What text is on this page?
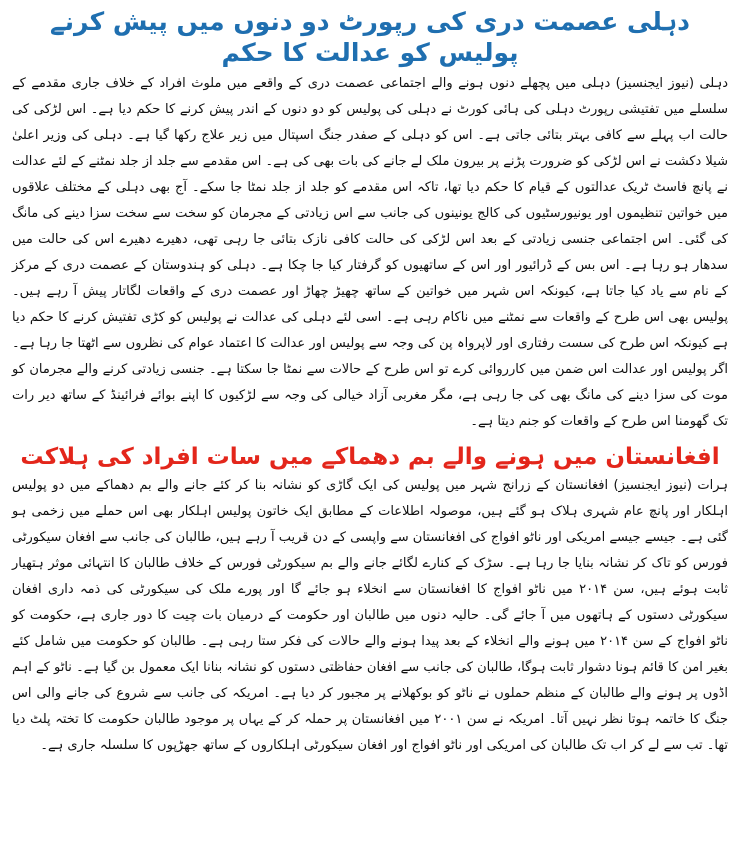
دہلی عصمت دری کی رپورٹ دو دنوں میں پیش کرنے پولیس کو عدالت کا حکم

دہلی (نیوز ایجنسیز) دہلی میں پچھلے دنوں ہونے والے اجتماعی عصمت دری کے واقعے میں ملوث افراد کے خلاف جاری مقدمے کے سلسلے میں تفتیشی رپورٹ دہلی کی ہائی کورٹ نے دہلی کی پولیس کو دو دنوں کے اندر پیش کرنے کا حکم دیا ہے۔ اس لڑکی کی حالت اب پہلے سے کافی بہتر بتائی جاتی ہے۔ اس کو دہلی کے صفدر جنگ اسپتال میں زیر علاج رکھا گیا ہے۔ دہلی کی وزیر اعلیٰ شیلا دکشت نے اس لڑکی کو ضرورت پڑنے پر بیرون ملک لے جانے کی بات بھی کی ہے۔ اس مقدمے سے جلد از جلد نمٹنے کے لئے عدالت نے پانچ فاسٹ ٹریک عدالتوں کے قیام کا حکم دیا تھا، تاکہ اس مقدمے کو جلد از جلد نمٹا جا سکے۔ آج بھی دہلی کے مختلف علاقوں میں خواتین تنظیموں اور یونیورسٹیوں کی کالج یونینوں کی جانب سے اس زیادتی کے مجرمان کو سخت سے سخت سزا دینے کی مانگ کی گئی۔ اس اجتماعی جنسی زیادتی کے بعد اس لڑکی کی حالت کافی نازک بتائی جا رہی تھی، دھیرے دھیرے اس کی حالت میں سدھار ہو رہا ہے۔ اس بس کے ڈرائیور اور اس کے ساتھیوں کو گرفتار کیا جا چکا ہے۔ دہلی کو ہندوستان کے عصمت دری کے مرکز کے نام سے یاد کیا جاتا ہے، کیونکہ اس شہر میں خواتین کے ساتھ چھیڑ چھاڑ اور عصمت دری کے واقعات لگاتار پیش آ رہے ہیں۔ پولیس بھی اس طرح کے واقعات سے نمٹنے میں ناکام رہی ہے۔ اسی لئے دہلی کی عدالت نے پولیس کو کڑی تفتیش کرنے کا حکم دیا ہے کیونکہ اس طرح کی سست رفتاری اور لاپرواہ پن کی وجہ سے پولیس اور عدالت کا اعتماد عوام کی نظروں سے اٹھتا جا رہا ہے۔ اگر پولیس اور عدالت اس ضمن میں کارروائی کرے تو اس طرح کے حالات سے نمٹا جا سکتا ہے۔ جنسی زیادتی کرنے والے مجرمان کو موت کی سزا دینے کی مانگ بھی کی جا رہی ہے، مگر مغربی آزاد خیالی کی وجہ سے لڑکیوں کا اپنے بوائے فرائینڈ کے ساتھ دیر رات تک گھومنا اس طرح کے واقعات کو جنم دیتا ہے۔

افغانستان میں ہونے والے بم دھماکے میں سات افراد کی ہلاکت

ہرات (نیوز ایجنسیز) افغانستان کے زرانج شہر میں پولیس کی ایک گاڑی کو نشانہ بنا کر کئے جانے والے بم دھماکے میں دو پولیس اہلکار اور پانچ عام شہری ہلاک ہو گئے ہیں، موصولہ اطلاعات کے مطابق ایک خاتون پولیس اہلکار بھی اس حملے میں زخمی ہو گئی ہے۔ جیسے جیسے امریکی اور ناٹو افواج کی افغانستان سے واپسی کے دن قریب آ رہے ہیں، طالبان کی جانب سے افغان سیکورٹی فورس کو تاک کر نشانہ بنایا جا رہا ہے۔ سڑک کے کنارے لگائے جانے والے بم سیکورٹی فورس کے خلاف طالبان کا انتہائی موثر ہتھیار ثابت ہوئے ہیں، سن ۲۰۱۴ میں ناٹو افواج کا افغانستان سے انخلاء ہو جائے گا اور پورے ملک کی سیکورٹی کی ذمہ داری افغان سیکورٹی دستوں کے ہاتھوں میں آ جائے گی۔ حالیہ دنوں میں طالبان اور حکومت کے درمیان بات چیت کا دور جاری ہے، حکومت کو ناٹو افواج کے سن ۲۰۱۴ میں ہونے والے انخلاء کے بعد پیدا ہونے والے حالات کی فکر ستا رہی ہے۔ طالبان کو حکومت میں شامل کئے بغیر امن کا قائم ہونا دشوار ثابت ہوگا، طالبان کی جانب سے افغان حفاظتی دستوں کو نشانہ بنانا ایک معمول بن گیا ہے۔ ناٹو کے اہم اڈوں پر ہونے والے طالبان کے منظم حملوں نے ناٹو کو بوکھلانے پر مجبور کر دیا ہے۔ امریکہ کی جانب سے شروع کی جانے والی اس جنگ کا خاتمہ ہوتا نظر نہیں آتا۔ امریکہ نے سن ۲۰۰۱ میں افغانستان پر حملہ کر کے یہاں پر موجود طالبان حکومت کا تختہ پلٹ دیا تھا۔ تب سے لے کر اب تک طالبان کی امریکی اور ناٹو افواج اور افغان سیکورٹی اہلکاروں کے ساتھ جھڑپوں کا سلسلہ جاری ہے۔
